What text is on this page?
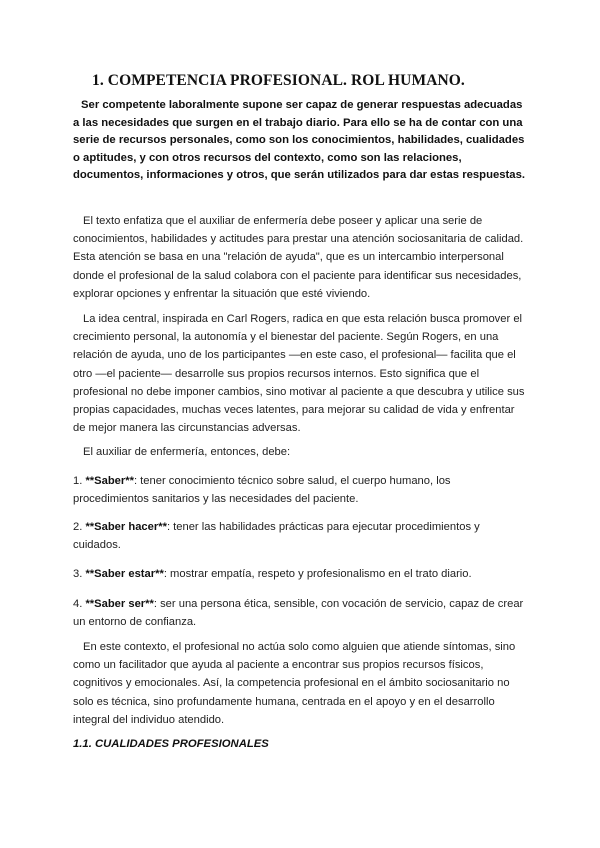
1. COMPETENCIA PROFESIONAL. ROL HUMANO.

Ser competente laboralmente supone ser capaz de generar respuestas adecuadas a las necesidades que surgen en el trabajo diario. Para ello se ha de contar con una serie de recursos personales, como son los conocimientos, habilidades, cualidades o aptitudes, y con otros recursos del contexto, como son las relaciones, documentos, informaciones y otros, que serán utilizados para dar estas respuestas.

El texto enfatiza que el auxiliar de enfermería debe poseer y aplicar una serie de conocimientos, habilidades y actitudes para prestar una atención sociosanitaria de calidad. Esta atención se basa en una "relación de ayuda", que es un intercambio interpersonal donde el profesional de la salud colabora con el paciente para identificar sus necesidades, explorar opciones y enfrentar la situación que esté viviendo.

La idea central, inspirada en Carl Rogers, radica en que esta relación busca promover el crecimiento personal, la autonomía y el bienestar del paciente. Según Rogers, en una relación de ayuda, uno de los participantes —en este caso, el profesional— facilita que el otro —el paciente— desarrolle sus propios recursos internos. Esto significa que el profesional no debe imponer cambios, sino motivar al paciente a que descubra y utilice sus propias capacidades, muchas veces latentes, para mejorar su calidad de vida y enfrentar de mejor manera las circunstancias adversas.

El auxiliar de enfermería, entonces, debe:

1. **Saber**: tener conocimiento técnico sobre salud, el cuerpo humano, los procedimientos sanitarios y las necesidades del paciente.

2. **Saber hacer**: tener las habilidades prácticas para ejecutar procedimientos y cuidados.

3. **Saber estar**: mostrar empatía, respeto y profesionalismo en el trato diario.

4. **Saber ser**: ser una persona ética, sensible, con vocación de servicio, capaz de crear un entorno de confianza.

En este contexto, el profesional no actúa solo como alguien que atiende síntomas, sino como un facilitador que ayuda al paciente a encontrar sus propios recursos físicos, cognitivos y emocionales. Así, la competencia profesional en el ámbito sociosanitario no solo es técnica, sino profundamente humana, centrada en el apoyo y en el desarrollo integral del individuo atendido.

1.1. CUALIDADES PROFESIONALES
